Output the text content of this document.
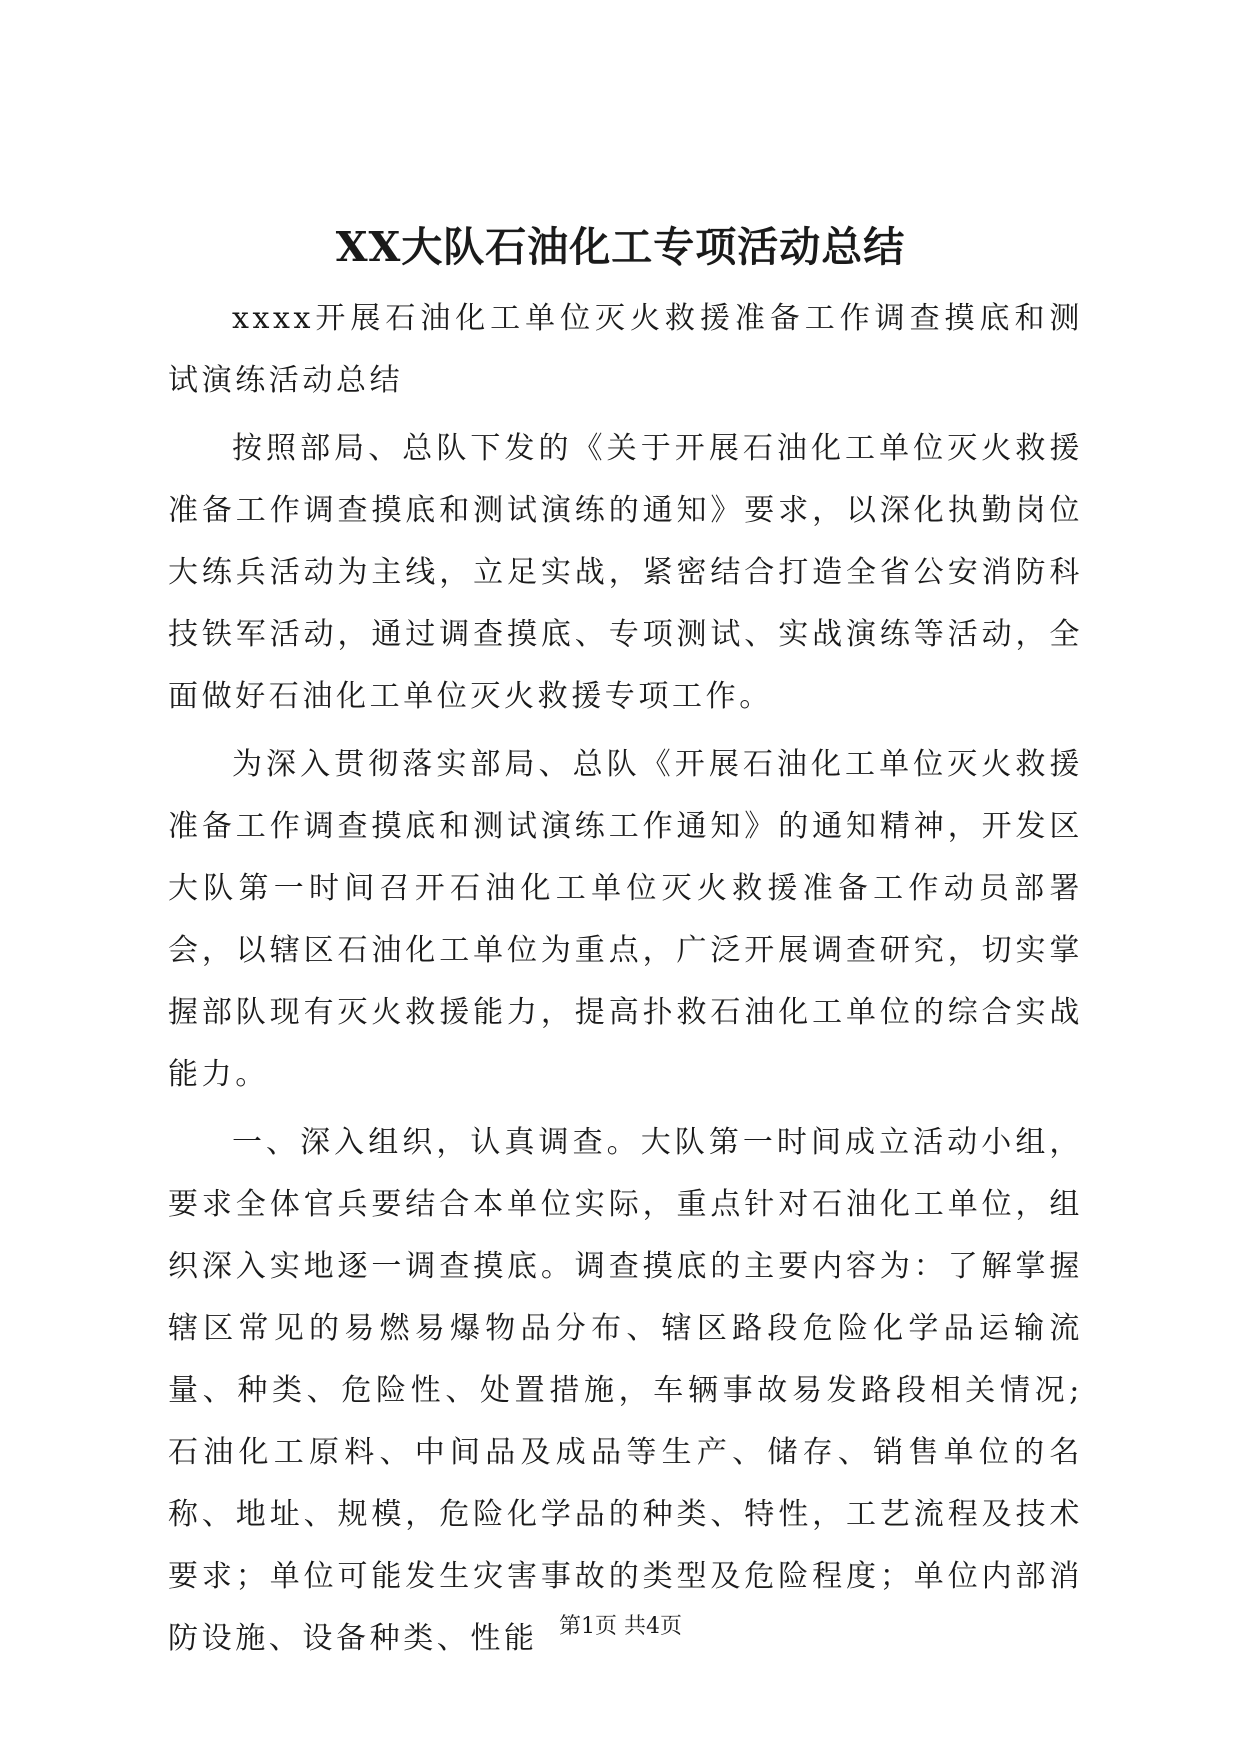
XX大队石油化工专项活动总结

xxxx开展石油化工单位灭火救援准备工作调查摸底和测试演练活动总结

按照部局、总队下发的《关于开展石油化工单位灭火救援准备工作调查摸底和测试演练的通知》要求，以深化执勤岗位大练兵活动为主线，立足实战，紧密结合打造全省公安消防科技铁军活动，通过调查摸底、专项测试、实战演练等活动，全面做好石油化工单位灭火救援专项工作。

为深入贯彻落实部局、总队《开展石油化工单位灭火救援准备工作调查摸底和测试演练工作通知》的通知精神，开发区大队第一时间召开石油化工单位灭火救援准备工作动员部署会，以辖区石油化工单位为重点，广泛开展调查研究，切实掌握部队现有灭火救援能力，提高扑救石油化工单位的综合实战能力。

一、深入组织，认真调查。大队第一时间成立活动小组，要求全体官兵要结合本单位实际，重点针对石油化工单位，组织深入实地逐一调查摸底。调查摸底的主要内容为：了解掌握辖区常见的易燃易爆物品分布、辖区路段危险化学品运输流量、种类、危险性、处置措施，车辆事故易发路段相关情况;石油化工原料、中间品及成品等生产、储存、销售单位的名称、地址、规模，危险化学品的种类、特性，工艺流程及技术要求；单位可能发生灾害事故的类型及危险程度；单位内部消防设施、设备种类、性能 第1页 共4页
